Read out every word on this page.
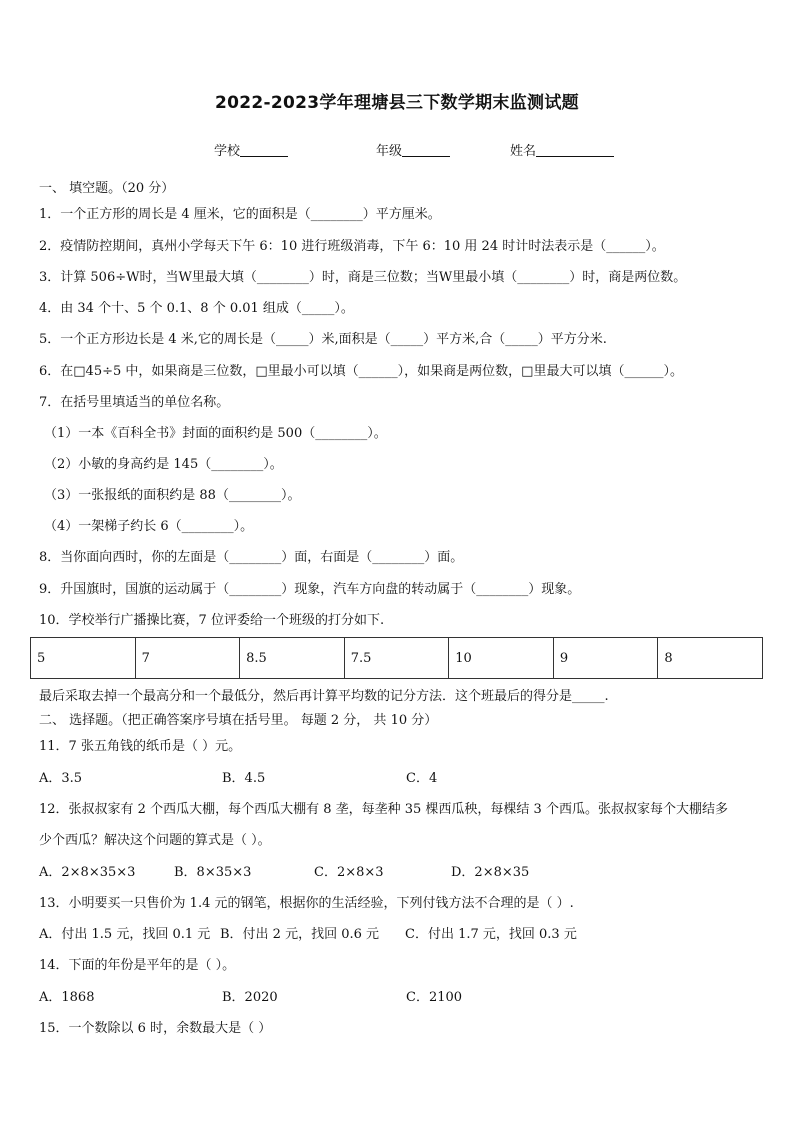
2022-2023学年理塘县三下数学期末监测试题
学校	年级	姓名
一、 填空题。（20 分）
1．一个正方形的周长是 4 厘米，它的面积是（________）平方厘米。
2．疫情防控期间，真州小学每天下午 6：10 进行班级消毒，下午 6：10 用 24 时计时法表示是（______）。
3．计算 506÷W时，当W里最大填（________）时，商是三位数；当W里最小填（________）时，商是两位数。
4．由 34 个十、5 个 0.1、8 个 0.01 组成（_____）。
5．一个正方形边长是 4 米,它的周长是（_____）米,面积是（_____）平方米,合（_____）平方分米.
6．在□45÷5 中，如果商是三位数，□里最小可以填（______），如果商是两位数，□里最大可以填（______）。
7．在括号里填适当的单位名称。
（1）一本《百科全书》封面的面积约是 500（________）。
（2）小敏的身高约是 145（________）。
（3）一张报纸的面积约是 88（________）。
（4）一架梯子约长 6（________）。
8．当你面向西时，你的左面是（________）面，右面是（________）面。
9．升国旗时，国旗的运动属于（________）现象，汽车方向盘的转动属于（________）现象。
10．学校举行广播操比赛，7 位评委给一个班级的打分如下.
5	7	8.5	7.5	10	9	8
最后采取去掉一个最高分和一个最低分，然后再计算平均数的记分方法．这个班最后的得分是_____.
二、 选择题。（把正确答案序号填在括号里。 每题 2 分， 共 10 分）
11．7 张五角钱的纸币是（ ）元。
A．3.5	B．4.5	C．4
12．张叔叔家有 2 个西瓜大棚，每个西瓜大棚有 8 垄，每垄种 35 棵西瓜秧，每棵结 3 个西瓜。张叔叔家每个大棚结多
少个西瓜？解决这个问题的算式是（ ）。
A．2×8×35×3	B．8×35×3	C．2×8×3	D．2×8×35
13．小明要买一只售价为 1.4 元的钢笔，根据你的生活经验，下列付钱方法不合理的是（ ）.
A．付出 1.5 元，找回 0.1 元 B．付出 2 元，找回 0.6 元 C．付出 1.7 元，找回 0.3 元
14．下面的年份是平年的是（ ）。
A．1868	B．2020	C．2100
15．一个数除以 6 时，余数最大是（ ）
